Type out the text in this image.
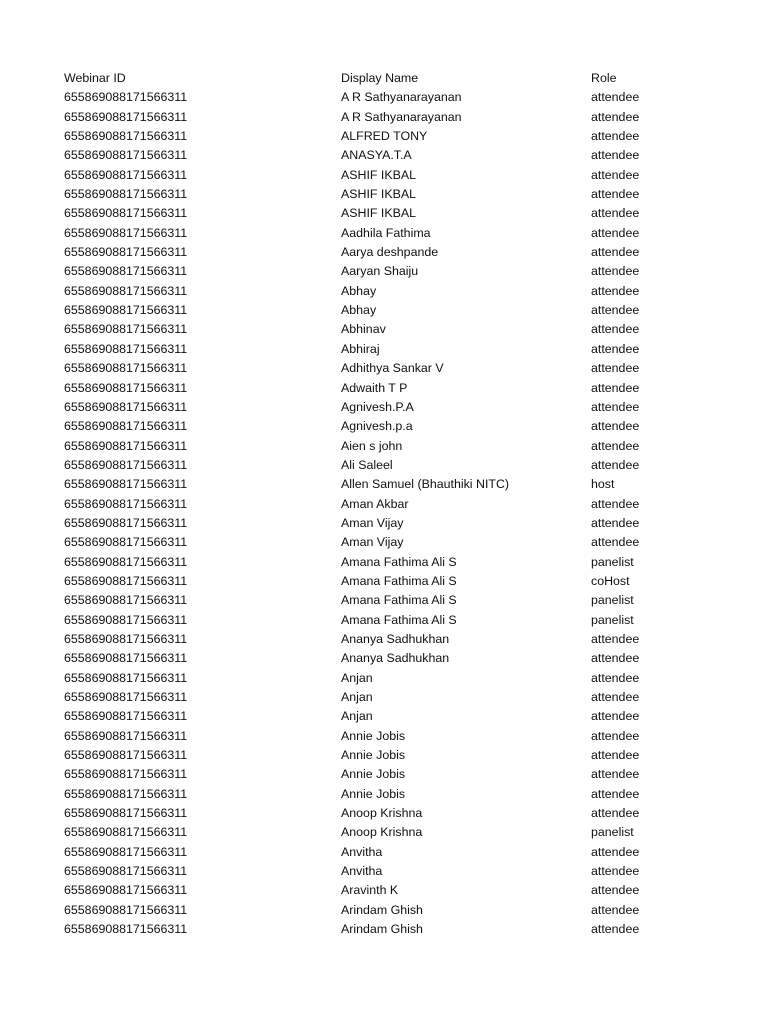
Webinar ID	Display Name	Role
655869088171566311	A R Sathyanarayanan	attendee
655869088171566311	A R Sathyanarayanan	attendee
655869088171566311	ALFRED TONY	attendee
655869088171566311	ANASYA.T.A	attendee
655869088171566311	ASHIF IKBAL	attendee
655869088171566311	ASHIF IKBAL	attendee
655869088171566311	ASHIF IKBAL	attendee
655869088171566311	Aadhila Fathima	attendee
655869088171566311	Aarya deshpande	attendee
655869088171566311	Aaryan Shaiju	attendee
655869088171566311	Abhay	attendee
655869088171566311	Abhay	attendee
655869088171566311	Abhinav	attendee
655869088171566311	Abhiraj	attendee
655869088171566311	Adhithya Sankar V	attendee
655869088171566311	Adwaith T P	attendee
655869088171566311	Agnivesh.P.A	attendee
655869088171566311	Agnivesh.p.a	attendee
655869088171566311	Aien s john	attendee
655869088171566311	Ali Saleel	attendee
655869088171566311	Allen Samuel (Bhauthiki NITC)	host
655869088171566311	Aman Akbar	attendee
655869088171566311	Aman Vijay	attendee
655869088171566311	Aman Vijay	attendee
655869088171566311	Amana Fathima Ali S	panelist
655869088171566311	Amana Fathima Ali S	coHost
655869088171566311	Amana Fathima Ali S	panelist
655869088171566311	Amana Fathima Ali S	panelist
655869088171566311	Ananya Sadhukhan	attendee
655869088171566311	Ananya Sadhukhan	attendee
655869088171566311	Anjan	attendee
655869088171566311	Anjan	attendee
655869088171566311	Anjan	attendee
655869088171566311	Annie Jobis	attendee
655869088171566311	Annie Jobis	attendee
655869088171566311	Annie Jobis	attendee
655869088171566311	Annie Jobis	attendee
655869088171566311	Anoop Krishna	attendee
655869088171566311	Anoop Krishna	panelist
655869088171566311	Anvitha	attendee
655869088171566311	Anvitha	attendee
655869088171566311	Aravinth K	attendee
655869088171566311	Arindam Ghish	attendee
655869088171566311	Arindam Ghish	attendee
